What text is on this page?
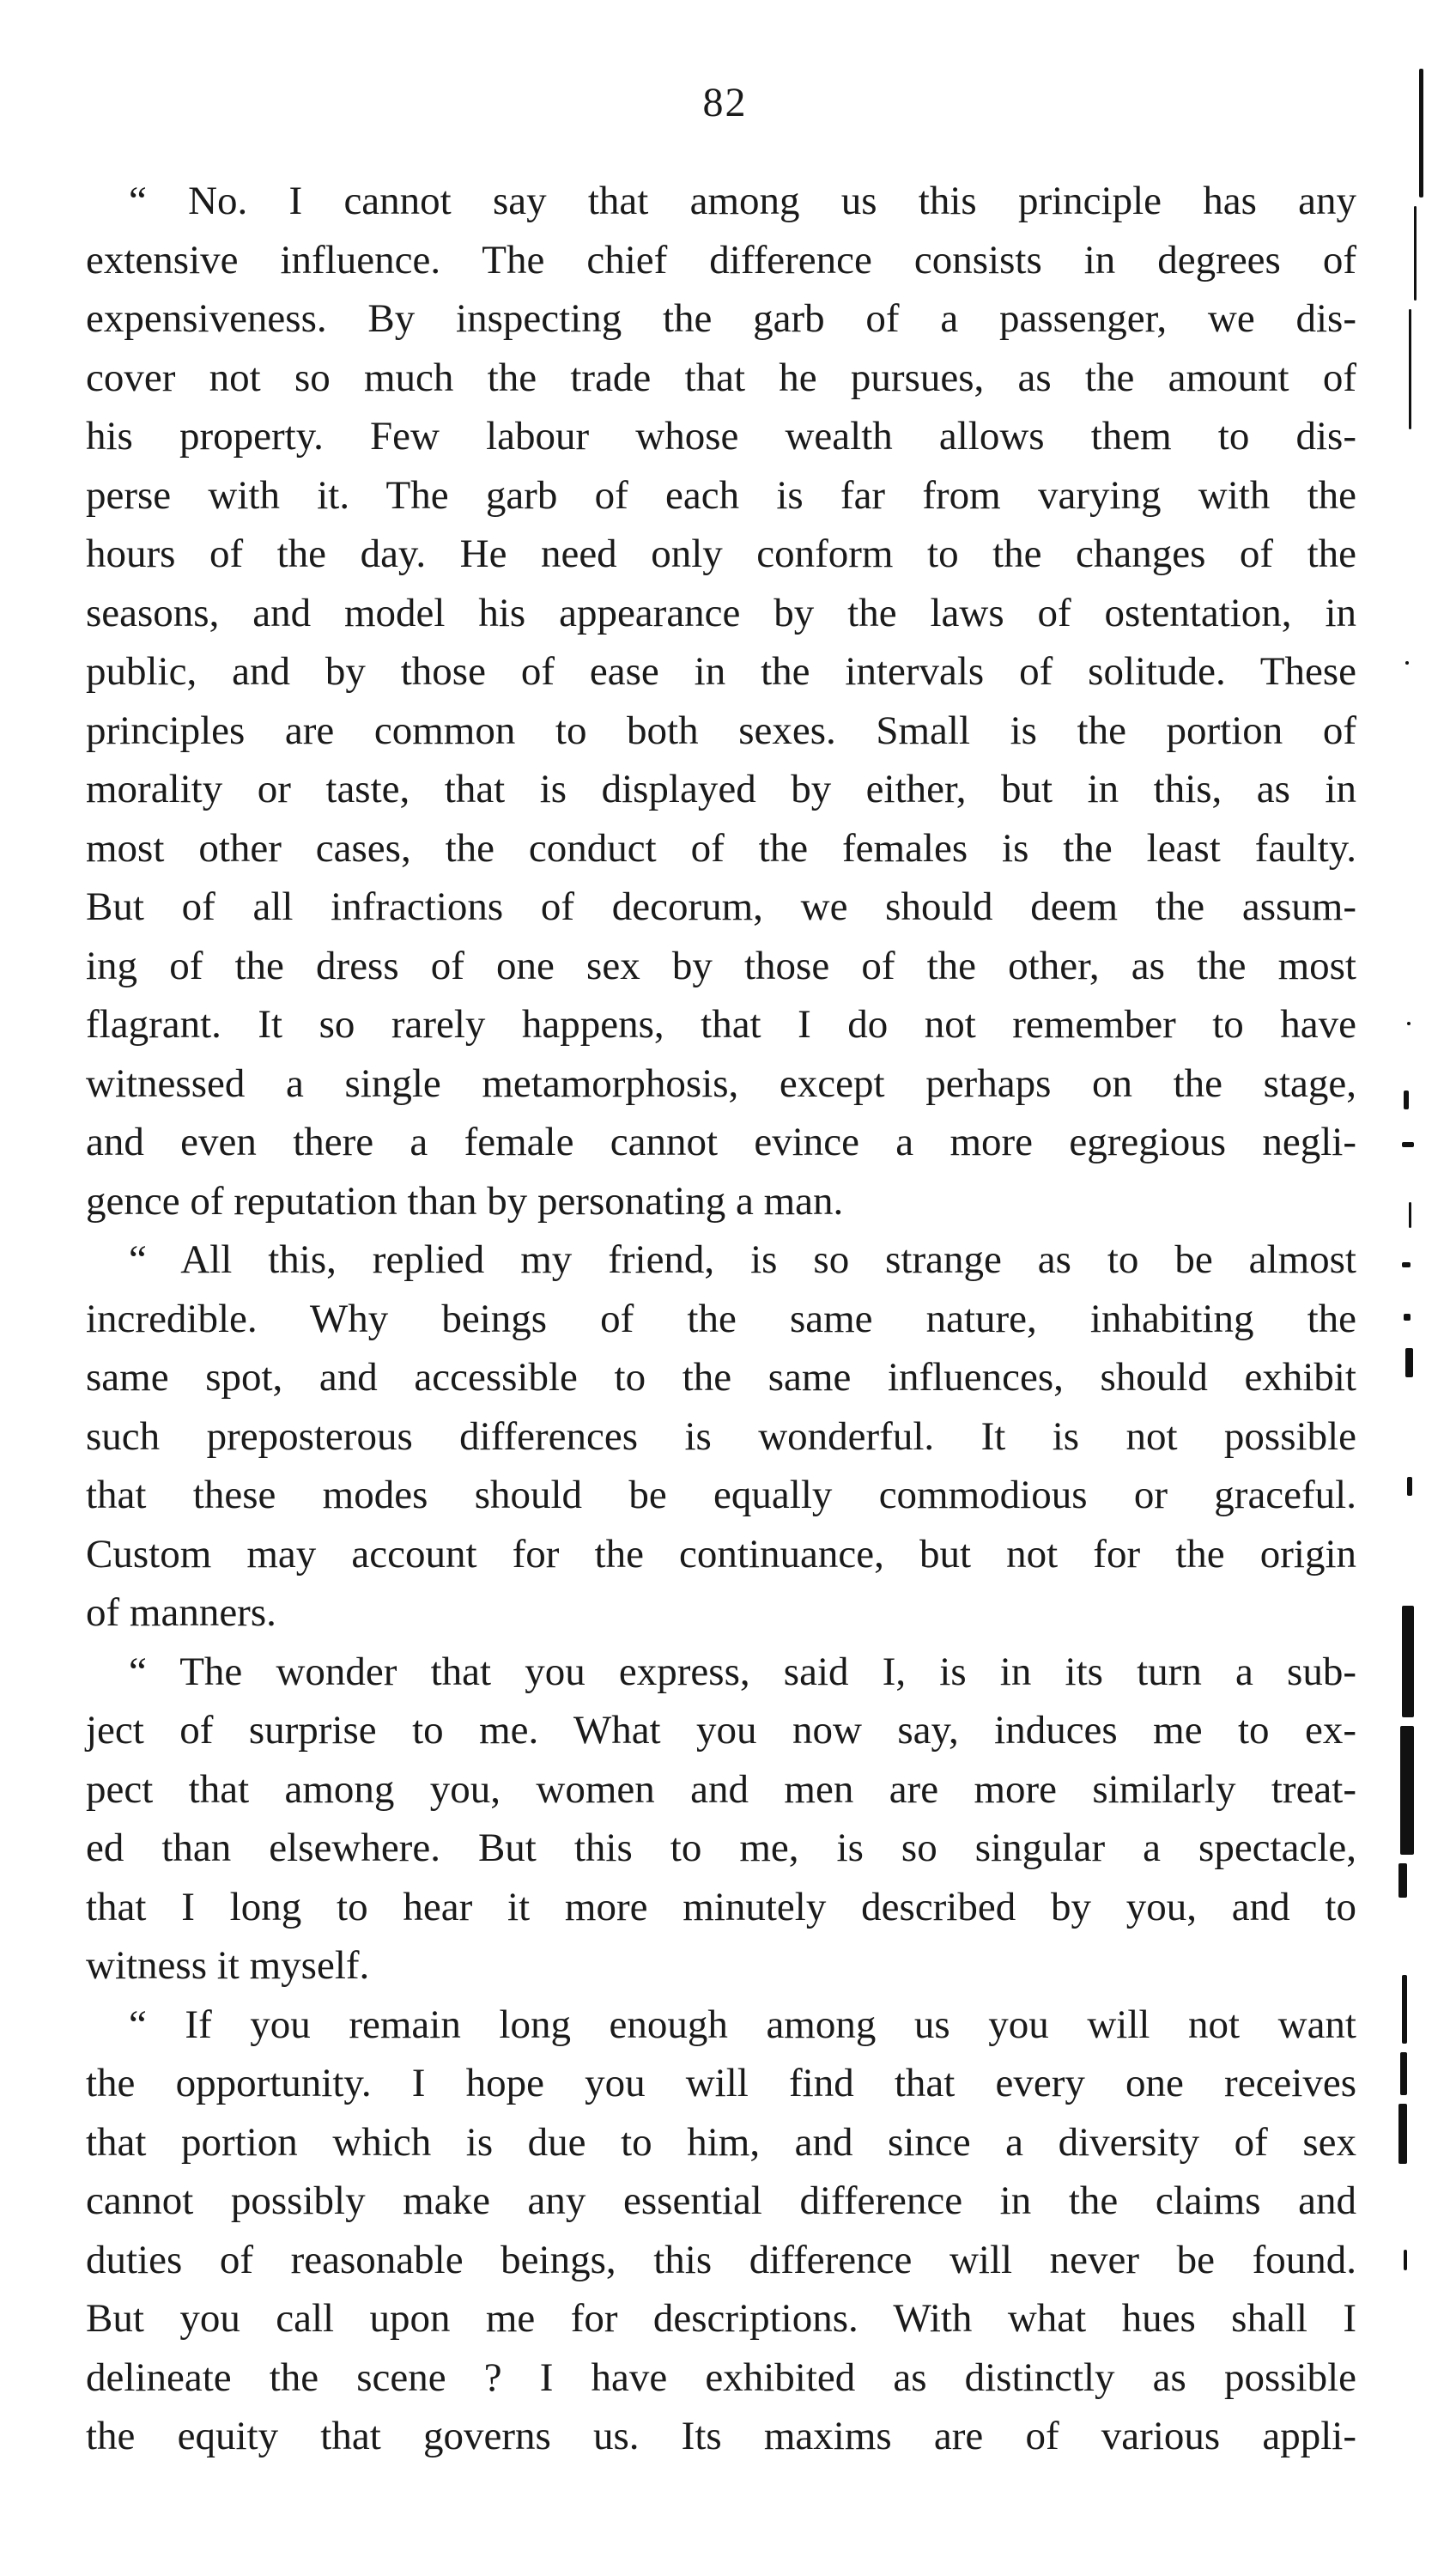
82
“ No. I cannot say that among us this principle has any
extensive influence. The chief difference consists in degrees of
expensiveness. By inspecting the garb of a passenger, we dis-
cover not so much the trade that he pursues, as the amount of
his property. Few labour whose wealth allows them to dis-
perse with it. The garb of each is far from varying with the
hours of the day. He need only conform to the changes of the
seasons, and model his appearance by the laws of ostentation, in
public, and by those of ease in the intervals of solitude. These
principles are common to both sexes. Small is the portion of
morality or taste, that is displayed by either, but in this, as in
most other cases, the conduct of the females is the least faulty.
But of all infractions of decorum, we should deem the assum-
ing of the dress of one sex by those of the other, as the most
flagrant. It so rarely happens, that I do not remember to have
witnessed a single metamorphosis, except perhaps on the stage,
and even there a female cannot evince a more egregious negli-
gence of reputation than by personating a man.
“ All this, replied my friend, is so strange as to be almost
incredible. Why beings of the same nature, inhabiting the
same spot, and accessible to the same influences, should exhibit
such preposterous differences is wonderful. It is not possible
that these modes should be equally commodious or graceful.
Custom may account for the continuance, but not for the origin
of manners.
“ The wonder that you express, said I, is in its turn a sub-
ject of surprise to me. What you now say, induces me to ex-
pect that among you, women and men are more similarly treat-
ed than elsewhere. But this to me, is so singular a spectacle,
that I long to hear it more minutely described by you, and to
witness it myself.
“ If you remain long enough among us you will not want
the opportunity. I hope you will find that every one receives
that portion which is due to him, and since a diversity of sex
cannot possibly make any essential difference in the claims and
duties of reasonable beings, this difference will never be found.
But you call upon me for descriptions. With what hues shall I
delineate the scene ? I have exhibited as distinctly as possible
the equity that governs us. Its maxims are of various appli-
